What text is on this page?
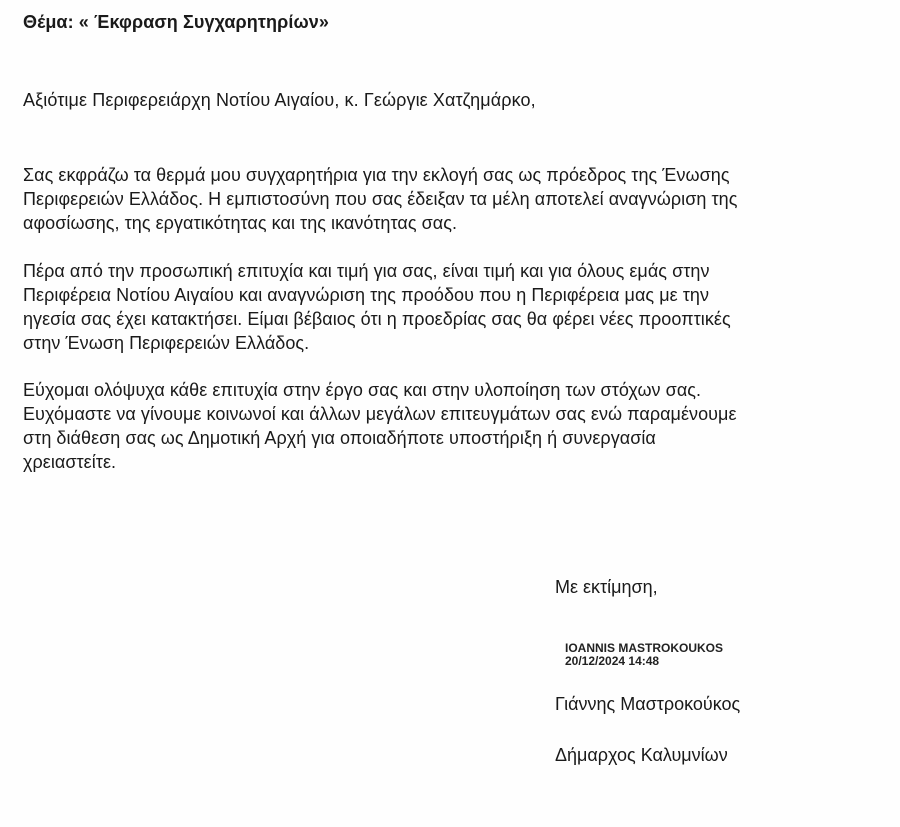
Θέμα: « Έκφραση Συγχαρητηρίων»
Αξιότιμε Περιφερειάρχη Νοτίου Αιγαίου, κ. Γεώργιε Χατζημάρκο,

Σας εκφράζω τα θερμά μου συγχαρητήρια για την εκλογή σας ως πρόεδρος της Ένωσης
Περιφερειών Ελλάδος. Η εμπιστοσύνη που σας έδειξαν τα μέλη αποτελεί αναγνώριση της
αφοσίωσης, της εργατικότητας και της ικανότητας σας.

Πέρα από την προσωπική επιτυχία και τιμή για σας, είναι τιμή και για όλους εμάς στην
Περιφέρεια Νοτίου Αιγαίου και αναγνώριση της προόδου που η Περιφέρεια μας με την
ηγεσία σας έχει κατακτήσει. Είμαι βέβαιος ότι η προεδρίας σας θα φέρει νέες προοπτικές
στην Ένωση Περιφερειών Ελλάδος.

Εύχομαι ολόψυχα κάθε επιτυχία στην έργο σας και στην υλοποίηση των στόχων σας.
Ευχόμαστε να γίνουμε κοινωνοί και άλλων μεγάλων επιτευγμάτων σας ενώ παραμένουμε
στη διάθεση σας ως Δημοτική Αρχή για οποιαδήποτε υποστήριξη ή συνεργασία
χρειαστείτε.

Με εκτίμηση,
IOANNIS MASTROKOUKOS
20/12/2024 14:48
Γιάννης Μαστροκούκος
Δήμαρχος Καλυμνίων
